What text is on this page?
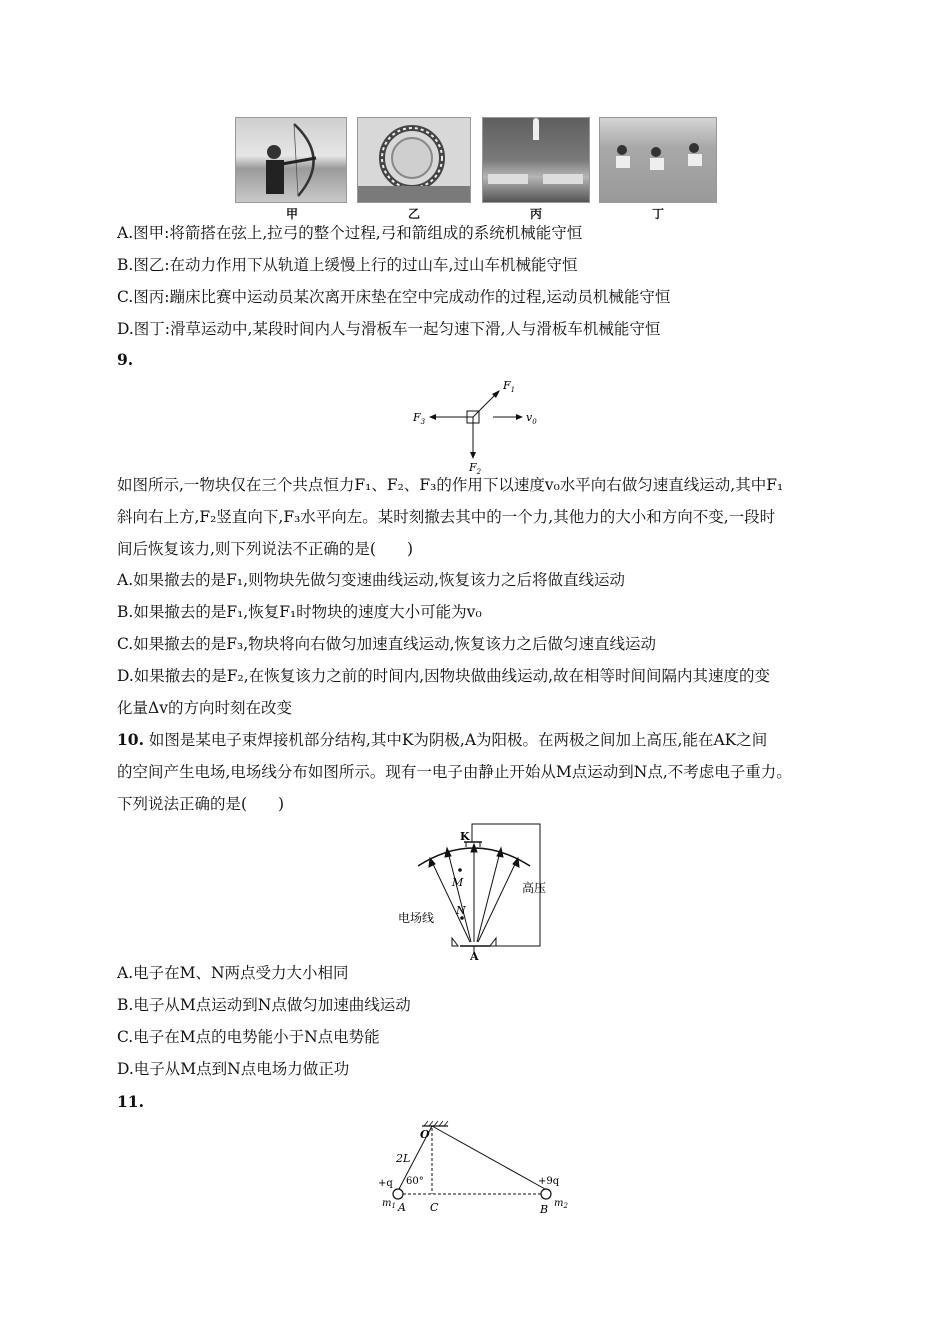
甲	乙	丙	丁
A.图甲:将箭搭在弦上,拉弓的整个过程,弓和箭组成的系统机械能守恒
B.图乙:在动力作用下从轨道上缓慢上行的过山车,过山车机械能守恒
C.图丙:蹦床比赛中运动员某次离开床垫在空中完成动作的过程,运动员机械能守恒
D.图丁:滑草运动中,某段时间内人与滑板车一起匀速下滑,人与滑板车机械能守恒
9.
$F_1$
$F_3$	$v_0$
$F_2$
如图所示,一物块仅在三个共点恒力F₁、F₂、F₃的作用下以速度v₀水平向右做匀速直线运动,其中F₁
斜向右上方,F₂竖直向下,F₃水平向左。某时刻撤去其中的一个力,其他力的大小和方向不变,一段时
间后恢复该力,则下列说法不正确的是(　　)
A.如果撤去的是F₁,则物块先做匀变速曲线运动,恢复该力之后将做直线运动
B.如果撤去的是F₁,恢复F₁时物块的速度大小可能为v₀
C.如果撤去的是F₃,物块将向右做匀加速直线运动,恢复该力之后做匀速直线运动
D.如果撤去的是F₂,在恢复该力之前的时间内,因物块做曲线运动,故在相等时间间隔内其速度的变
化量Δv的方向时刻在改变
10. 如图是某电子束焊接机部分结构,其中K为阴极,A为阳极。在两极之间加上高压,能在AK之间
的空间产生电场,电场线分布如图所示。现有一电子由静止开始从M点运动到N点,不考虑电子重力。
下列说法正确的是(　　)
K
A
M
N
电场线
高压
A.电子在M、N两点受力大小相同
B.电子从M点运动到N点做匀加速曲线运动
C.电子在M点的电势能小于N点电势能
D.电子从M点到N点电场力做正功
11.
O
2L
60°
+q	+9q
$m_1$ A C	B $m_2$
